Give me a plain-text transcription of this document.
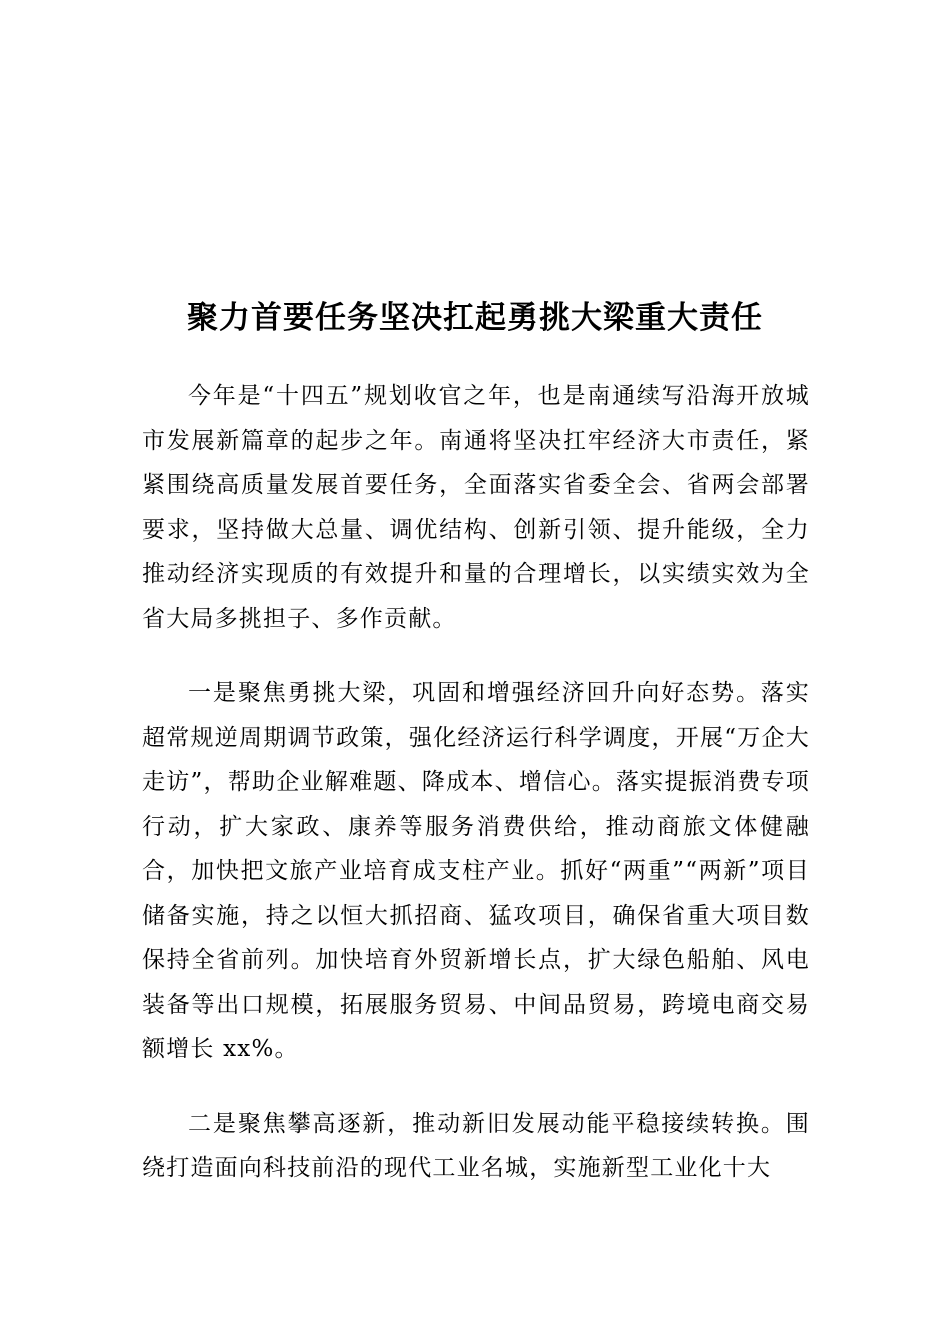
聚力首要任务坚决扛起勇挑大梁重大责任

今年是“十四五”规划收官之年，也是南通续写沿海开放城市发展新篇章的起步之年。南通将坚决扛牢经济大市责任，紧紧围绕高质量发展首要任务，全面落实省委全会、省两会部署要求，坚持做大总量、调优结构、创新引领、提升能级，全力推动经济实现质的有效提升和量的合理增长，以实绩实效为全省大局多挑担子、多作贡献。

一是聚焦勇挑大梁，巩固和增强经济回升向好态势。落实超常规逆周期调节政策，强化经济运行科学调度，开展“万企大走访”，帮助企业解难题、降成本、增信心。落实提振消费专项行动，扩大家政、康养等服务消费供给，推动商旅文体健融合，加快把文旅产业培育成支柱产业。抓好“两重”“两新”项目储备实施，持之以恒大抓招商、猛攻项目，确保省重大项目数保持全省前列。加快培育外贸新增长点，扩大绿色船舶、风电装备等出口规模，拓展服务贸易、中间品贸易，跨境电商交易额增长 xx%。

二是聚焦攀高逐新，推动新旧发展动能平稳接续转换。围绕打造面向科技前沿的现代工业名城，实施新型工业化十大
